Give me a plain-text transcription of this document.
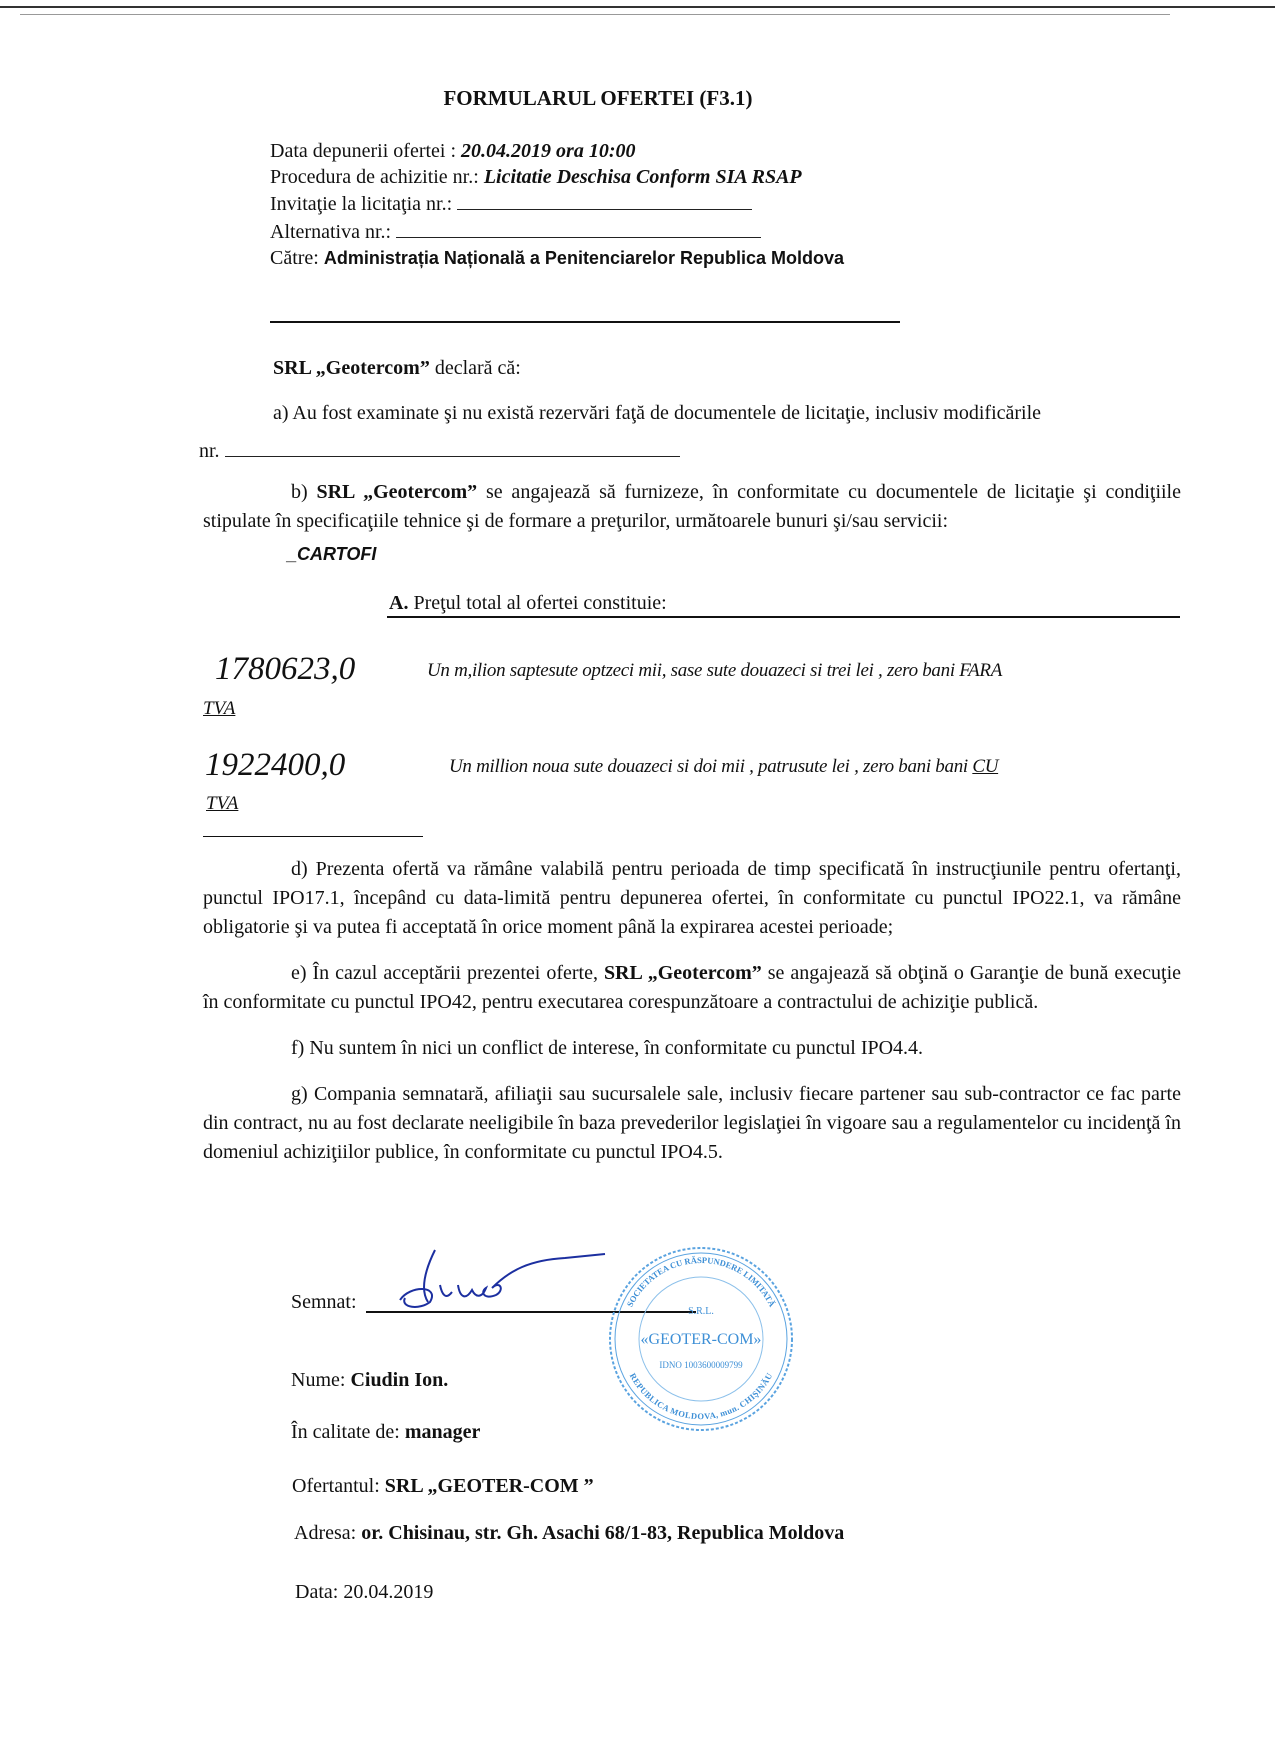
FORMULARUL OFERTEI (F3.1)
Data depunerii ofertei : 20.04.2019 ora 10:00
Procedura de achizitie nr.: Licitatie Deschisa Conform SIA RSAP
Invitaţie la licitaţia nr.:
Alternativa nr.:
Către: Administrația Națională a Penitenciarelor Republica Moldova
SRL „Geotercom” declară că:
a) Au fost examinate şi nu există rezervări faţă de documentele de licitaţie, inclusiv modificările
nr.

b) SRL „Geotercom” se angajează să furnizeze, în conformitate cu documentele de licitaţie şi condiţiile stipulate în specificaţiile tehnice şi de formare a preţurilor, următoarele bunuri şi/sau servicii:

_CARTOFI
A. Preţul total al ofertei constituie:
1780623,0	Un m,ilion saptesute optzeci mii, sase sute douazeci si trei lei , zero bani FARA
TVA
1922400,0	Un million noua sute douazeci si doi mii , patrusute lei , zero bani bani CU
TVA

d) Prezenta ofertă va rămâne valabilă pentru perioada de timp specificată în instrucţiunile pentru ofertanţi, punctul IPO17.1, începând cu data-limită pentru depunerea ofertei, în conformitate cu punctul IPO22.1, va rămâne obligatorie şi va putea fi acceptată în orice moment până la expirarea acestei perioade;

e) În cazul acceptării prezentei oferte, SRL „Geotercom” se angajează să obţină o Garanţie de bună execuţie în conformitate cu punctul IPO42, pentru executarea corespunzătoare a contractului de achiziţie publică.

f) Nu suntem în nici un conflict de interese, în conformitate cu punctul IPO4.4.

g) Compania semnatară, afiliaţii sau sucursalele sale, inclusiv fiecare partener sau sub-contractor ce fac parte din contract, nu au fost declarate neeligibile în baza prevederilor legislaţiei în vigoare sau a regulamentelor cu incidenţă în domeniul achiziţiilor publice, în conformitate cu punctul IPO4.5.

Semnat:	SOCIETATEA CU RĂSPUNDERE LIMITATĂ
REPUBLICA MOLDOVA, mun. CHIŞINĂU
S.R.L.
«GEOTER-COM»
IDNO 1003600009799
Nume: Ciudin Ion.
În calitate de: manager
Ofertantul: SRL „GEOTER-COM ”
Adresa: or. Chisinau, str. Gh. Asachi 68/1-83, Republica Moldova
Data: 20.04.2019
